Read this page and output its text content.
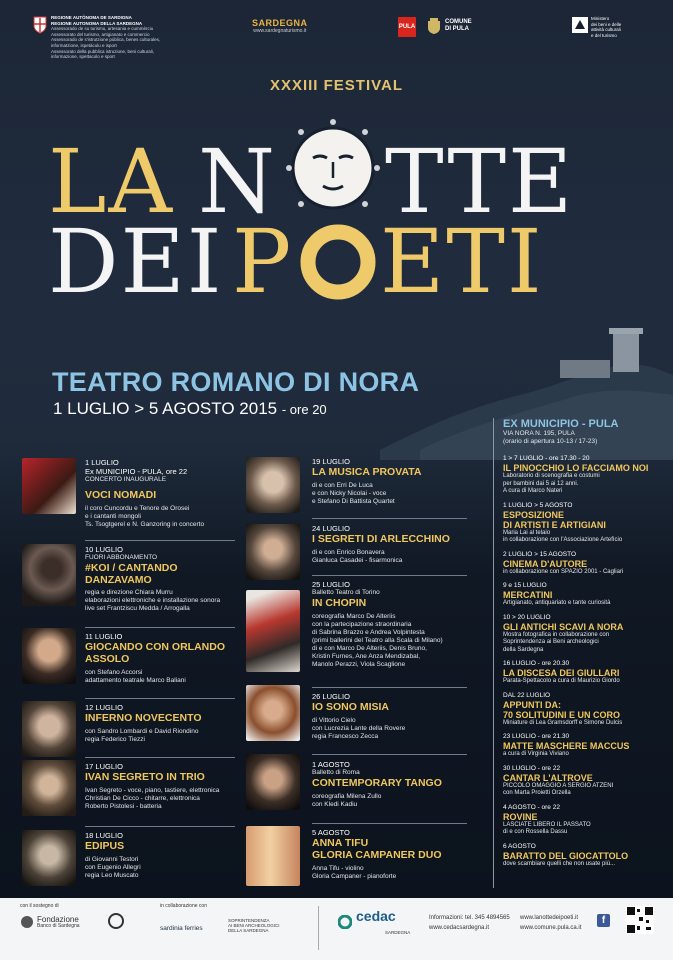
REGIONE AUTÒNOMA DE SARDIGNA
REGIONE AUTONOMA DELLA SARDEGNA
Assessorado de su turismu, artesania e cummèrciu
Assessorato del turismo, artigianato e commercio
Assessorado de s'istrutzione pùblica, benes culturales,
informatzione, ispetàculu e isport
Assessorato della pubblica istruzione, beni culturali,
informazione, spettacolo e sport
SARDEGNA
www.sardegnaturismo.it
PULA
COMUNE
DI PULA
Ministero
dei beni e delle
attività culturali
e del turismo
XXXIII FESTIVAL
LA N TTE
DEI P ETI
TEATRO ROMANO DI NORA
1 LUGLIO > 5 AGOSTO 2015 - ore 20
1 LUGLIO
Ex MUNICIPIO - PULA, ore 22
CONCERTO INAUGURALE
VOCI NOMADI
il coro Cuncordu e Tenore de Orosei
e i cantanti mongoli
Ts. Tsogtgerel e N. Ganzoring in concerto
10 LUGLIO
FUORI ABBONAMENTO
#KOI / CANTANDO
DANZAVAMO
regia e direzione Chiara Murru
elaborazioni elettroniche e installazione sonora
live set Frantziscu Medda / Arrogalla
11 LUGLIO
GIOCANDO CON ORLANDO
ASSOLO
con Stefano Accorsi
adattamento teatrale Marco Baliani
12 LUGLIO
INFERNO NOVECENTO
con Sandro Lombardi e David Riondino
regia Federico Tiezzi
17 LUGLIO
IVAN SEGRETO IN TRIO
Ivan Segreto - voce, piano, tastiere, elettronica
Christian De Cicco - chitarre, elettronica
Roberto Pistolesi - batteria
18 LUGLIO
EDIPUS
di Giovanni Testori
con Eugenio Allegri
regia Leo Muscato
19 LUGLIO
LA MUSICA PROVATA
di e con Erri De Luca
e con Nicky Nicolai - voce
e Stefano Di Battista Quartet
24 LUGLIO
I SEGRETI DI ARLECCHINO
di e con Enrico Bonavera
Gianluca Casadei - fisarmonica
25 LUGLIO
Balletto Teatro di Torino
IN CHOPIN
coreografia Marco De Alteriis
con la partecipazione straordinaria
di Sabrina Brazzo e Andrea Volpintesta
(primi ballerini del Teatro alla Scala di Milano)
di e con Marco De Alteriis, Denis Bruno,
Kristin Furnes, Ane Anza Mendizabal,
Manolo Perazzi, Viola Scaglione
26 LUGLIO
IO SONO MISIA
di Vittorio Cielo
con Lucrezia Lante della Rovere
regia Francesco Zecca
1 AGOSTO
Balletto di Roma
CONTEMPORARY TANGO
coreografia Milena Zullo
con Kledi Kadiu
5 AGOSTO
ANNA TIFU
GLORIA CAMPANER DUO
Anna Tifu - violino
Gloria Campaner - pianoforte
EX MUNICIPIO - PULA
VIA NORA N. 195, PULA
(orario di apertura 10-13 / 17-23)
1 > 7 LUGLIO - ore 17.30 - 20
IL PINOCCHIO LO FACCIAMO NOI
Laboratorio di scenografia e costumi
per bambini dai 5 ai 12 anni.
A cura di Marco Nateri
1 LUGLIO > 5 AGOSTO
ESPOSIZIONE
DI ARTISTI E ARTIGIANI
Maria Lai al telaio
in collaborazione con l'Associazione Artefìcio
2 LUGLIO > 15 AGOSTO
CINEMA D'AUTORE
in collaborazione con SPAZIO 2001 - Cagliari
9 e 15 LUGLIO
MERCATINI
Artigianato, antiquariato e tante curiosità
10 > 20 LUGLIO
GLI ANTICHI SCAVI A NORA
Mostra fotografica in collaborazione con
Soprintendenza ai Beni archeologici
della Sardegna
16 LUGLIO - ore 20.30
LA DISCESA DEI GIULLARI
Parata-Spettacolo a cura di Maurizio Giordo
DAL 22 LUGLIO
APPUNTI DA:
70 SOLITUDINI E UN CORO
Miniature di Lea Gramsdorff e Simone Dulcis
23 LUGLIO - ore 21.30
MATTE MASCHERE MACCUS
a cura di Virginia Viviano
30 LUGLIO - ore 22
CANTAR L'ALTROVE
PICCOLO OMAGGIO A SERGIO ATZENI
con Marta Proietti Orzella
4 AGOSTO - ore 22
ROVINE
LASCIATE LIBERO IL PASSATO
di e con Rossella Dassu
6 AGOSTO
BARATTO DEL GIOCATTOLO
dove scambiare quelli che non usate più...
con il sostegno di
Fondazione
Banco di Sardegna
in collaborazione con
sardinia ferries
SOPRINTENDENZA
AI BENI ARCHEOLOGICI
DELLA SARDEGNA
cedac
SARDEGNA
Informazioni: tel. 345 4894565
www.cedacsardegna.it
www.lanottedeipoeti.it
www.comune.pula.ca.it
f
